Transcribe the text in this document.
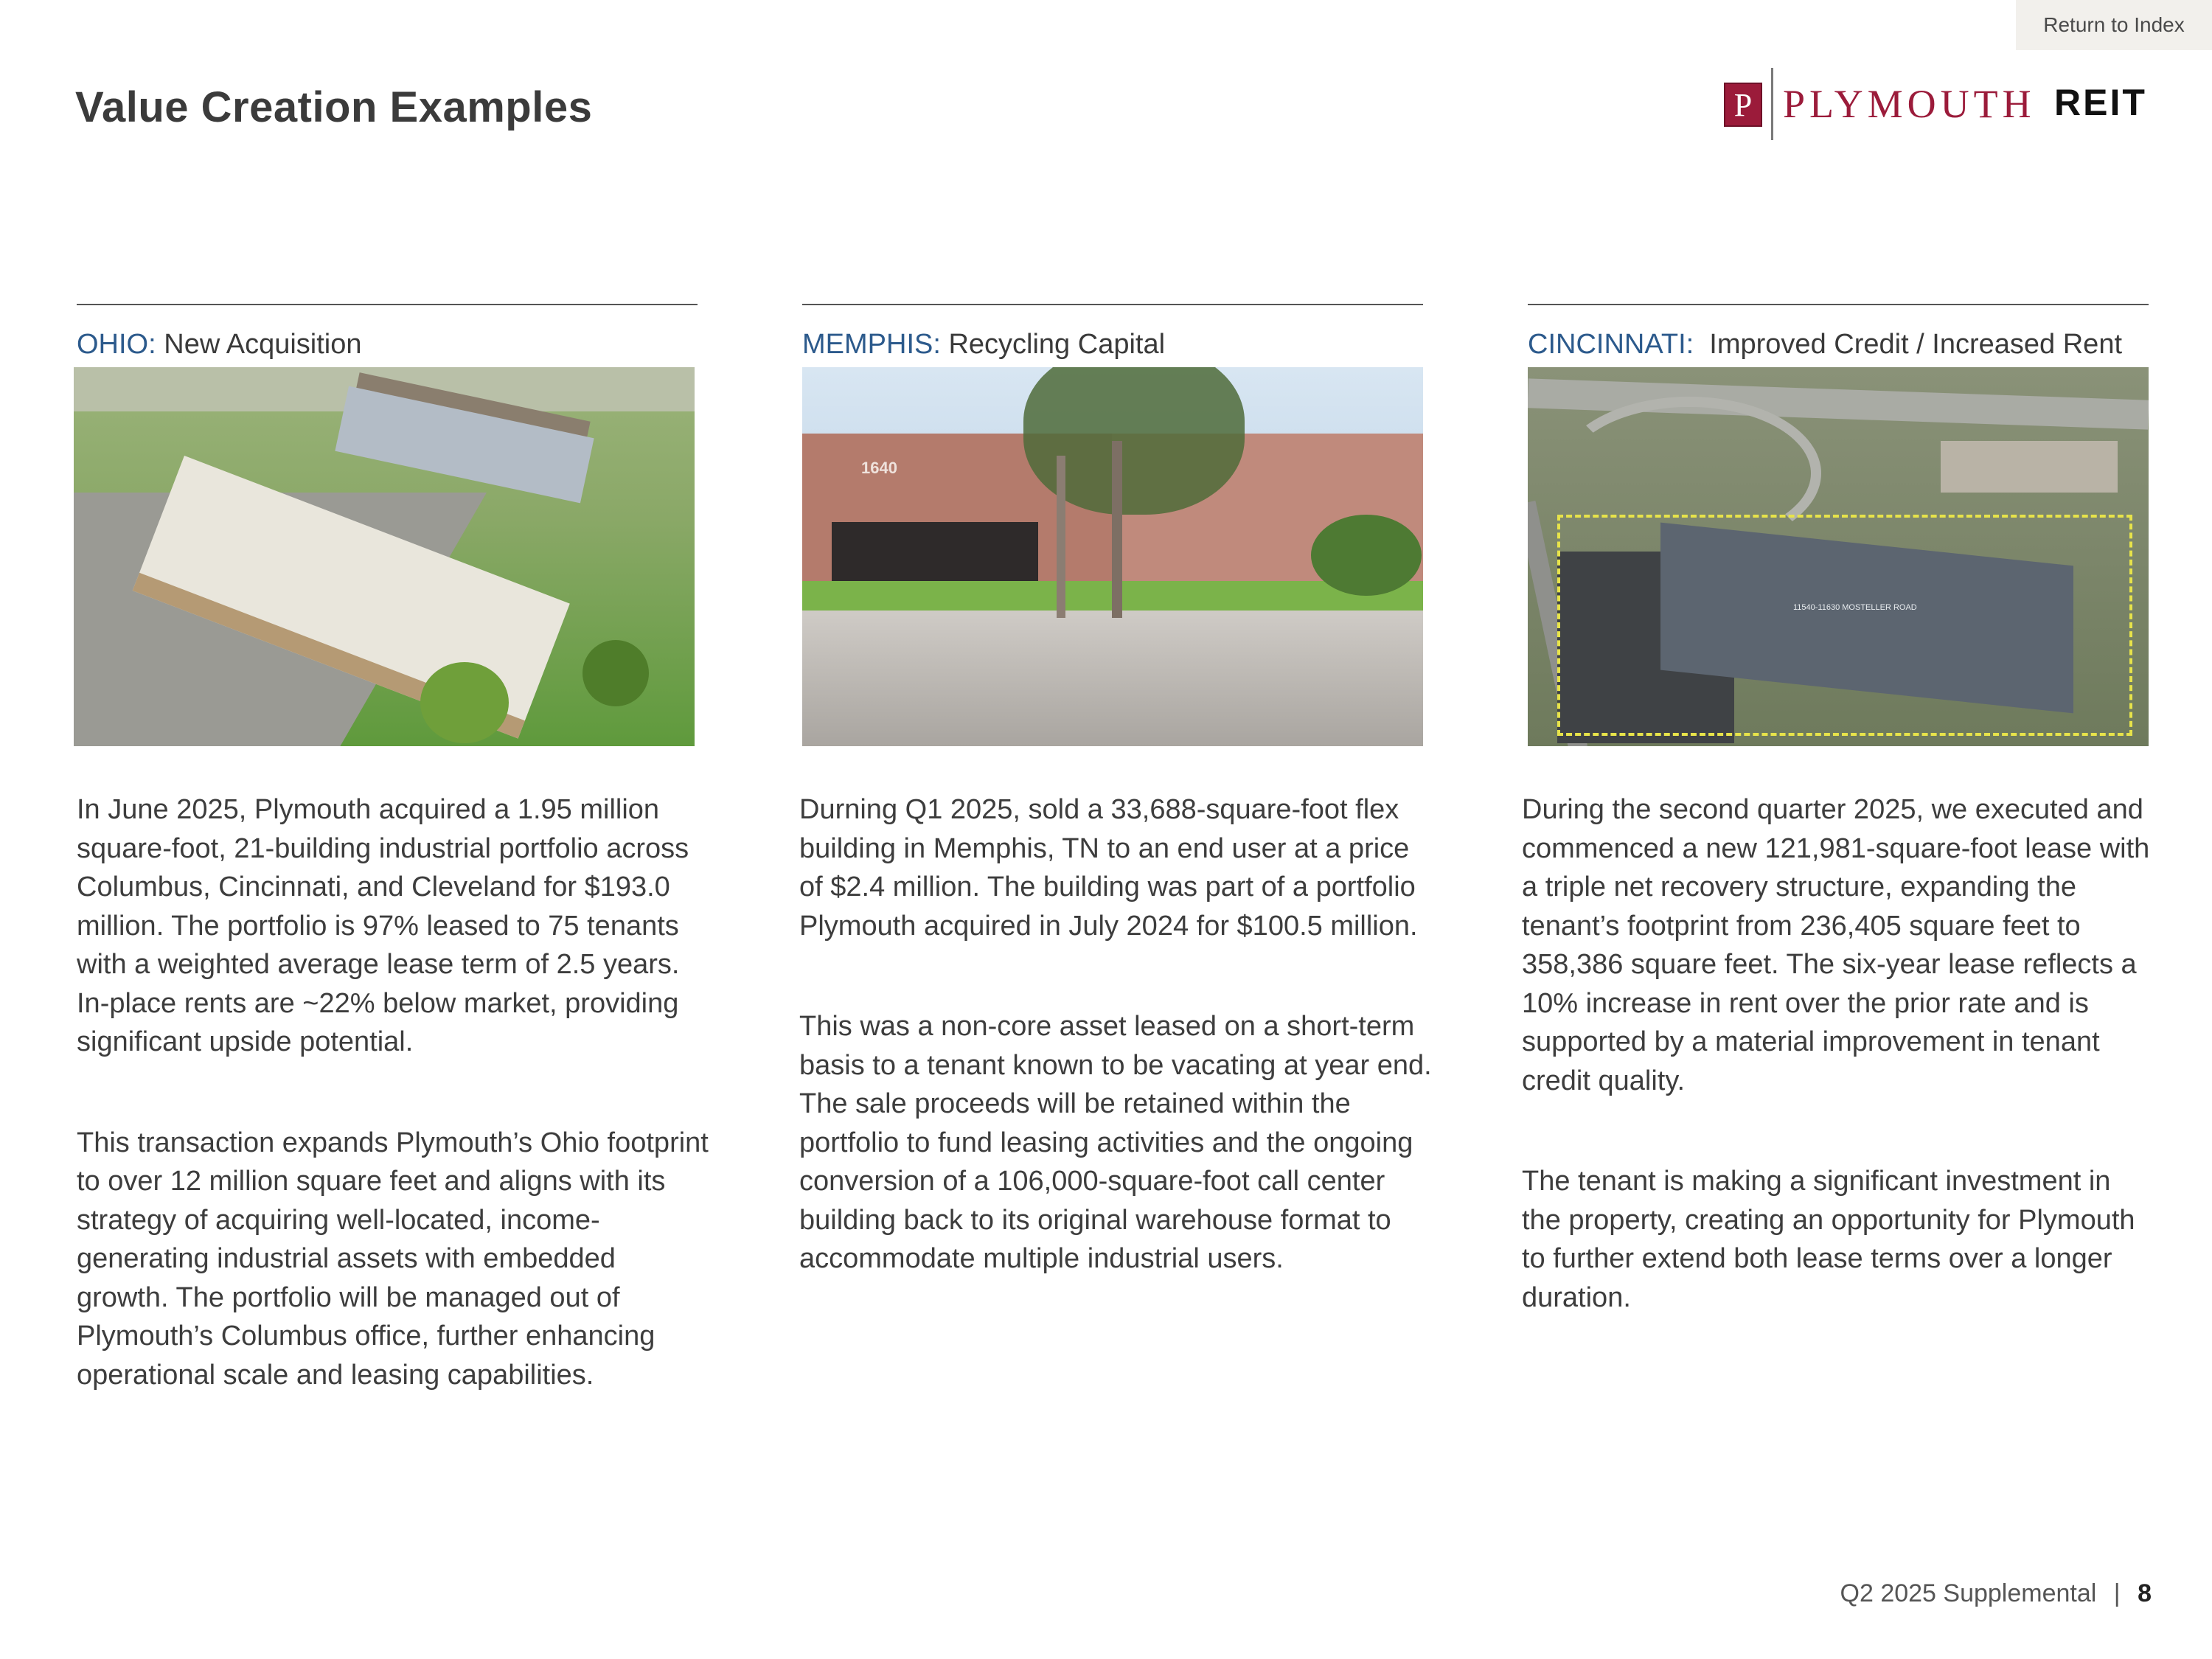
Return to Index
Value Creation Examples	P PLYMOUTH REIT
OHIO: New Acquisition

In June 2025, Plymouth acquired a 1.95 million square-foot, 21-building industrial portfolio across Columbus, Cincinnati, and Cleveland for $193.0 million. The portfolio is 97% leased to 75 tenants with a weighted average lease term of 2.5 years. In-place rents are ~22% below market, providing significant upside potential.

This transaction expands Plymouth’s Ohio footprint to over 12 million square feet and aligns with its strategy of acquiring well-located, income-generating industrial assets with embedded growth. The portfolio will be managed out of Plymouth’s Columbus office, further enhancing operational scale and leasing capabilities.

MEMPHIS: Recycling Capital
1640

Durning Q1 2025, sold a 33,688-square-foot flex building in Memphis, TN to an end user at a price of $2.4 million. The building was part of a portfolio Plymouth acquired in July 2024 for $100.5 million.

This was a non-core asset leased on a short-term basis to a tenant known to be vacating at year end. The sale proceeds will be retained within the portfolio to fund leasing activities and the ongoing conversion of a 106,000-square-foot call center building back to its original warehouse format to accommodate multiple industrial users.

CINCINNATI:  Improved Credit / Increased Rent
11540-11630 MOSTELLER ROAD

During the second quarter 2025, we executed and commenced a new 121,981-square-foot lease with a triple net recovery structure, expanding the tenant’s footprint from 236,405 square feet to 358,386 square feet. The six-year lease reflects a 10% increase in rent over the prior rate and is supported by a material improvement in tenant credit quality.

The tenant is making a significant investment in the property, creating an opportunity for Plymouth to further extend both lease terms over a longer duration.

Q2 2025 Supplemental | 8
